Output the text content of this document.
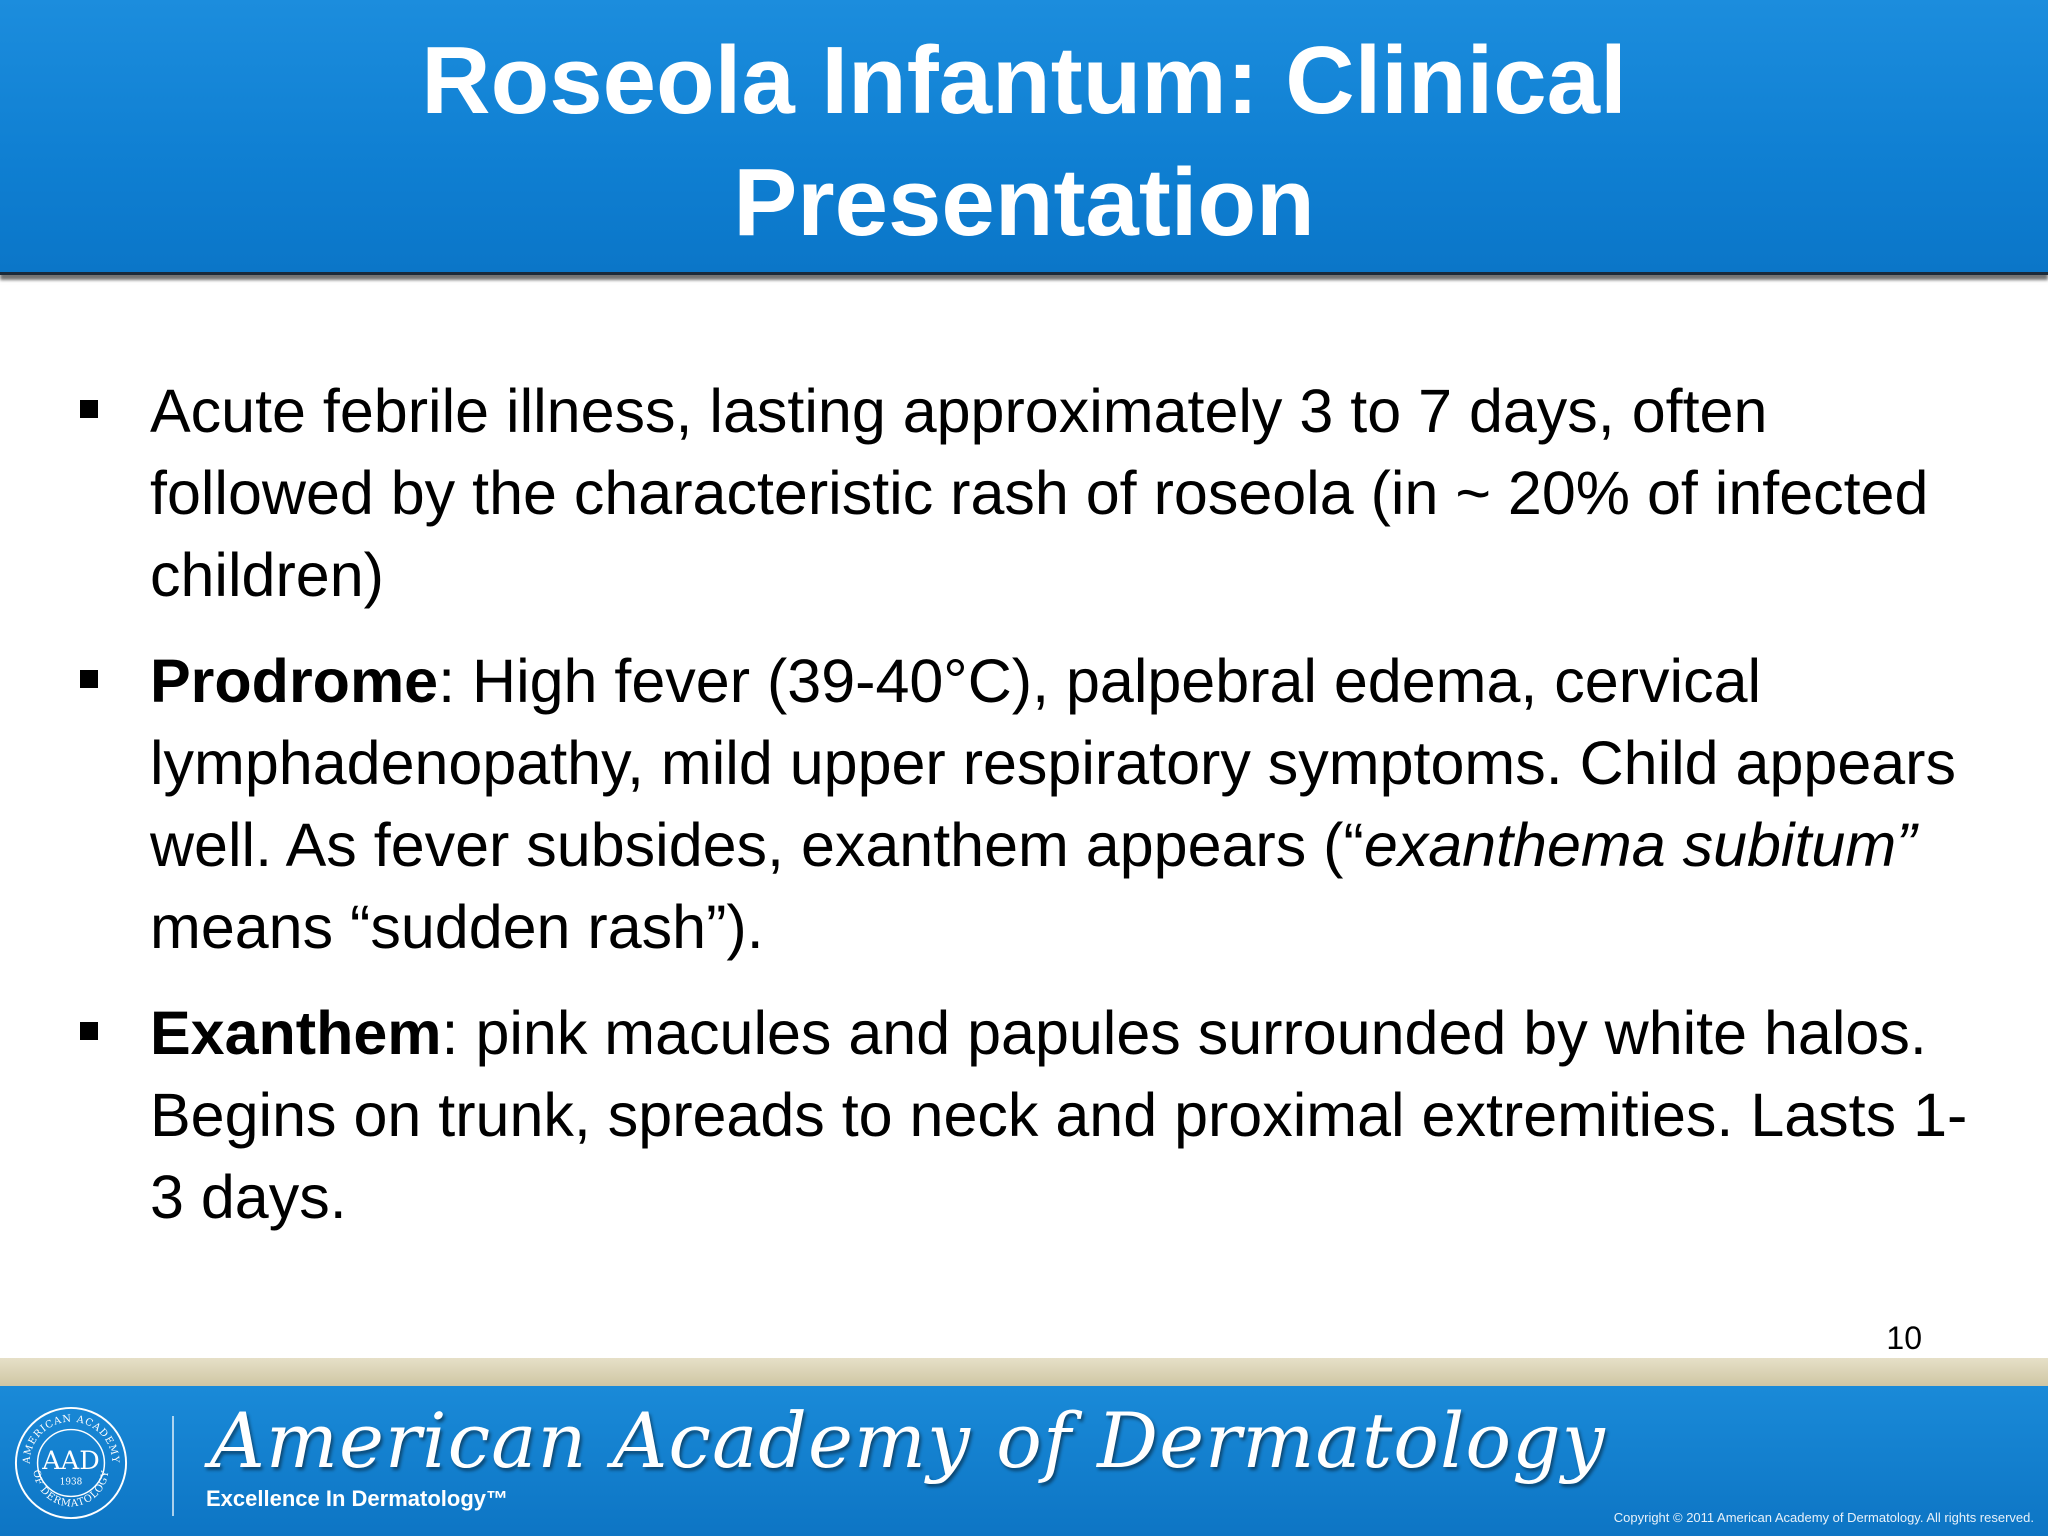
Roseola Infantum: Clinical
Presentation
Acute febrile illness, lasting approximately 3 to 7 days, often followed by the characteristic rash of roseola (in ~ 20% of infected children)
Prodrome: High fever (39-40°C), palpebral edema, cervical lymphadenopathy, mild upper respiratory symptoms. Child appears well. As fever subsides, exanthem appears (“exanthema subitum” means “sudden rash”).
Exanthem: pink macules and papules surrounded by white halos. Begins on trunk, spreads to neck and proximal extremities. Lasts 1-3 days.
10
AMERICAN ACADEMY
OF DERMATOLOGY
AAD
1938 American Academy of Dermatology
Excellence In Dermatology™
Copyright © 2011 American Academy of Dermatology. All rights reserved.
